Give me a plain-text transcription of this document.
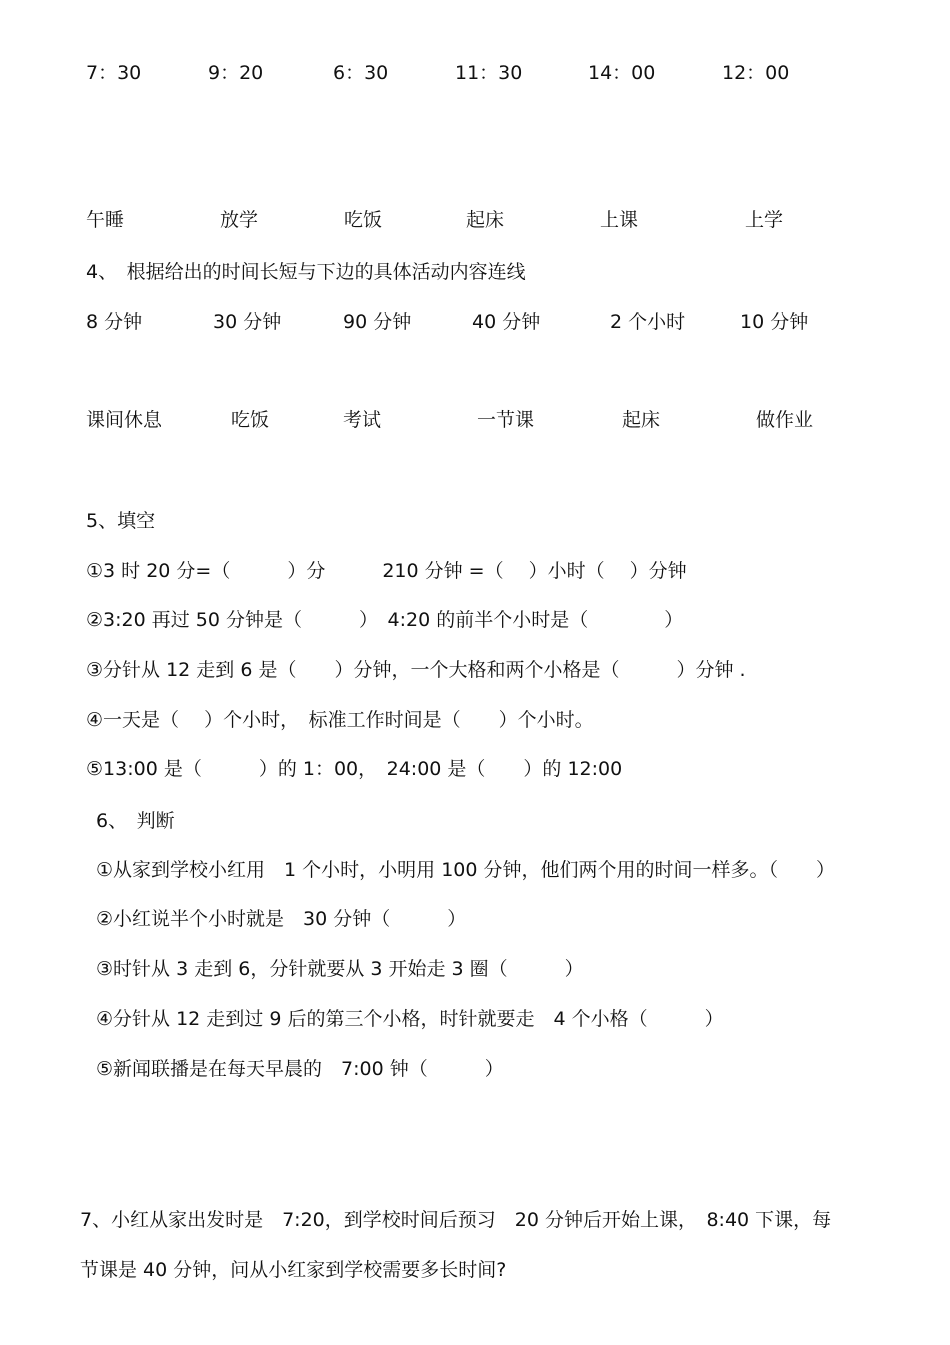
7：30	9：20	6：30	11：30	14：00	12：00
午睡	放学	吃饭	起床	上课	上学
4、　根据给出的时间长短与下边的具体活动内容连线
8 分钟	30 分钟	90 分钟	40 分钟	2 个小时	10 分钟
课间休息	吃饭	考试	一节课	起床	做作业
5、填空
①3 时 20 分=（　　　）分　　　210 分钟 =（　 ）小时（　 ）分钟
②3:20 再过 50 分钟是（　　　）　4:20 的前半个小时是（　　　　）
③分针从 12 走到 6 是（　　）分钟，一个大格和两个小格是（　　　）分钟 .
④一天是（　 ）个小时，　标准工作时间是（　　）个小时。
⑤13:00 是（　　　）的 1：00，　24:00 是（　　）的 12:00
6、　判断
①从家到学校小红用　1 个小时，小明用 100 分钟，他们两个用的时间一样多。（　　）
②小红说半个小时就是　30 分钟（　　　）
③时针从 3 走到 6，分针就要从 3 开始走 3 圈（　　　）
④分针从 12 走到过 9 后的第三个小格，时针就要走　4 个小格（　　　）
⑤新闻联播是在每天早晨的　7:00 钟（　　　）
7、小红从家出发时是　7:20，到学校时间后预习　20 分钟后开始上课，　8:40 下课，每
节课是 40 分钟，问从小红家到学校需要多长时间?
